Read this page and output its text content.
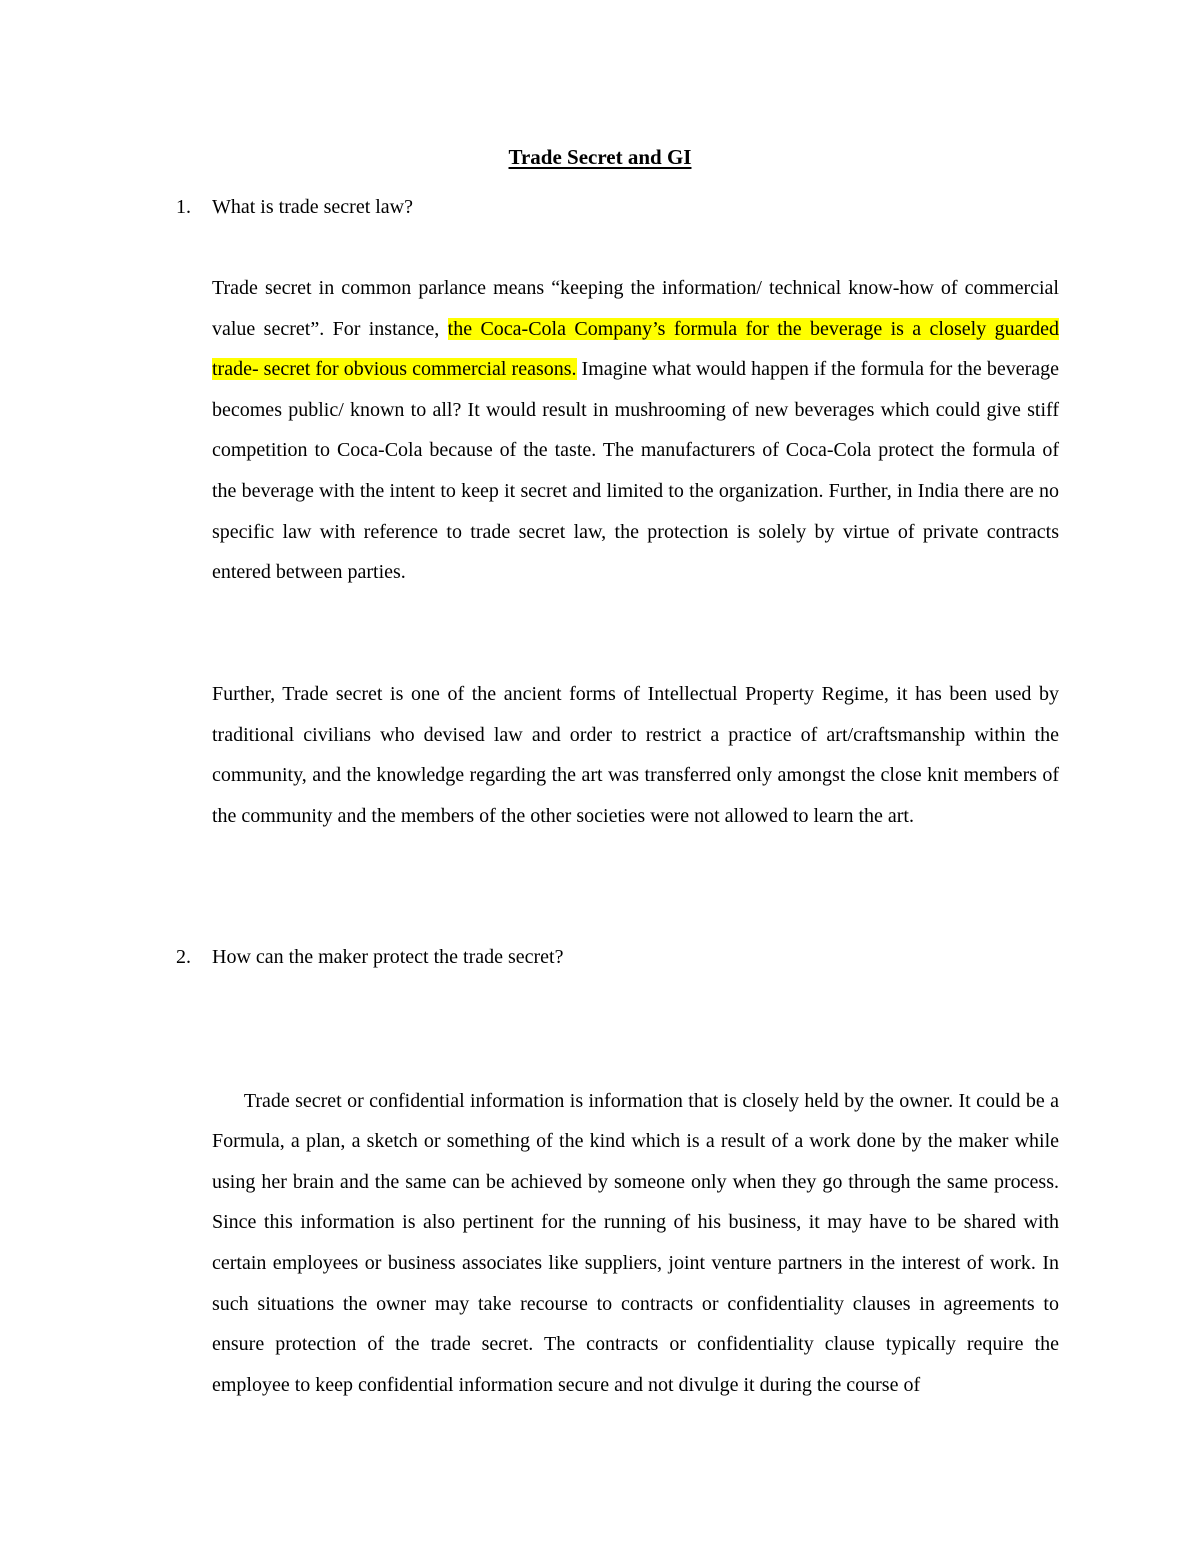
Trade Secret and GI
1. What is trade secret law?
Trade secret in common parlance means “keeping the information/ technical know-how of commercial value secret”. For instance, the Coca-Cola Company’s formula for the beverage is a closely guarded trade- secret for obvious commercial reasons. Imagine what would happen if the formula for the beverage becomes public/ known to all? It would result in mushrooming of new beverages which could give stiff competition to Coca-Cola because of the taste. The manufacturers of Coca-Cola protect the formula of the beverage with the intent to keep it secret and limited to the organization. Further, in India there are no specific law with reference to trade secret law, the protection is solely by virtue of private contracts entered between parties.
Further, Trade secret is one of the ancient forms of Intellectual Property Regime, it has been used by traditional civilians who devised law and order to restrict a practice of art/craftsmanship within the community, and the knowledge regarding the art was transferred only amongst the close knit members of the community and the members of the other societies were not allowed to learn the art.
2. How can the maker protect the trade secret?

Trade secret or confidential information is information that is closely held by the owner. It could be a Formula, a plan, a sketch or something of the kind which is a result of a work done by the maker while using her brain and the same can be achieved by someone only when they go through the same process. Since this information is also pertinent for the running of his business, it may have to be shared with certain employees or business associates like suppliers, joint venture partners in the interest of work. In such situations the owner may take recourse to contracts or confidentiality clauses in agreements to ensure protection of the trade secret. The contracts or confidentiality clause typically require the employee to keep confidential information secure and not divulge it during the course of
